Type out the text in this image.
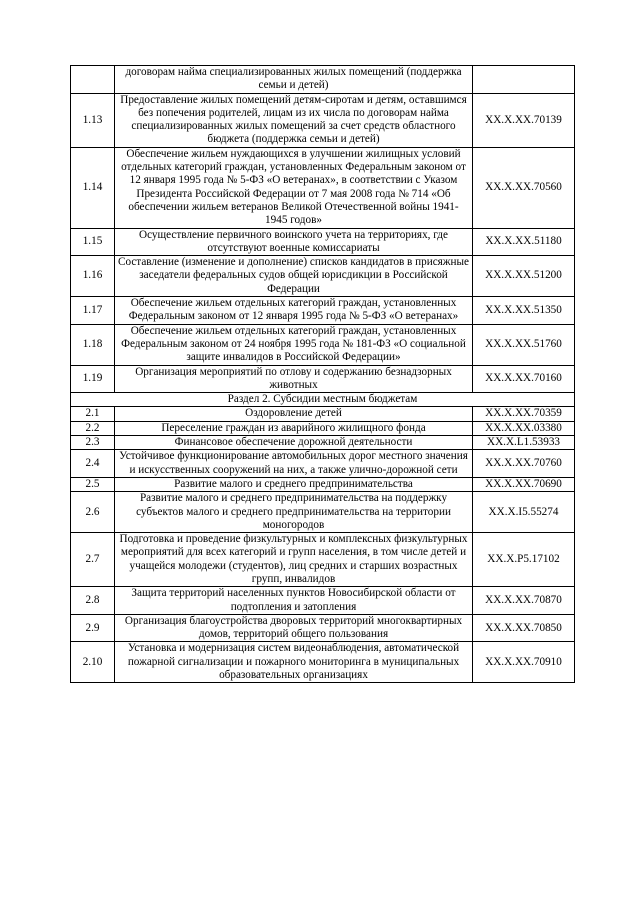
	договорам найма специализированных жилых помещений (поддержка семьи и детей)	
1.13	Предоставление жилых помещений детям-сиротам и детям, оставшимся без попечения родителей, лицам из их числа по договорам найма специализированных жилых помещений за счет средств областного бюджета (поддержка семьи и детей)	XX.X.XX.70139
1.14	Обеспечение жильем нуждающихся в улучшении жилищных условий отдельных категорий граждан, установленных Федеральным законом от 12 января 1995 года № 5-ФЗ «О ветеранах», в соответствии с Указом Президента Российской Федерации от 7 мая 2008 года № 714 «Об обеспечении жильем ветеранов Великой Отечественной войны 1941-1945 годов»	XX.X.XX.70560
1.15	Осуществление первичного воинского учета на территориях, где отсутствуют военные комиссариаты	XX.X.XX.51180
1.16	Составление (изменение и дополнение) списков кандидатов в присяжные заседатели федеральных судов общей юрисдикции в Российской Федерации	XX.X.XX.51200
1.17	Обеспечение жильем отдельных категорий граждан, установленных Федеральным законом от 12 января 1995 года № 5-ФЗ «О ветеранах»	XX.X.XX.51350
1.18	Обеспечение жильем отдельных категорий граждан, установленных Федеральным законом от 24 ноября 1995 года № 181-ФЗ «О социальной защите инвалидов в Российской Федерации»	XX.X.XX.51760
1.19	Организация мероприятий по отлову и содержанию безнадзорных животных	XX.X.XX.70160
Раздел 2. Субсидии местным бюджетам		
2.1	Оздоровление детей	XX.X.XX.70359
2.2	Переселение граждан из аварийного жилищного фонда	XX.X.XX.03380
2.3	Финансовое обеспечение дорожной деятельности	XX.X.L1.53933
2.4	Устойчивое функционирование автомобильных дорог местного значения и искусственных сооружений на них, а также улично-дорожной сети	XX.X.XX.70760
2.5	Развитие малого и среднего предпринимательства	XX.X.XX.70690
2.6	Развитие малого и среднего предпринимательства на поддержку субъектов малого и среднего предпринимательства на территории моногородов	XX.X.I5.55274
2.7	Подготовка и проведение физкультурных и комплексных физкультурных мероприятий для всех категорий и групп населения, в том числе детей и учащейся молодежи (студентов), лиц средних и старших возрастных групп, инвалидов	XX.X.P5.17102
2.8	Защита территорий населенных пунктов Новосибирской области от подтопления и затопления	XX.X.XX.70870
2.9	Организация благоустройства дворовых территорий многоквартирных домов, территорий общего пользования	XX.X.XX.70850
2.10	Установка и модернизация систем видеонаблюдения, автоматической пожарной сигнализации и пожарного мониторинга в муниципальных образовательных организациях	XX.X.XX.70910
